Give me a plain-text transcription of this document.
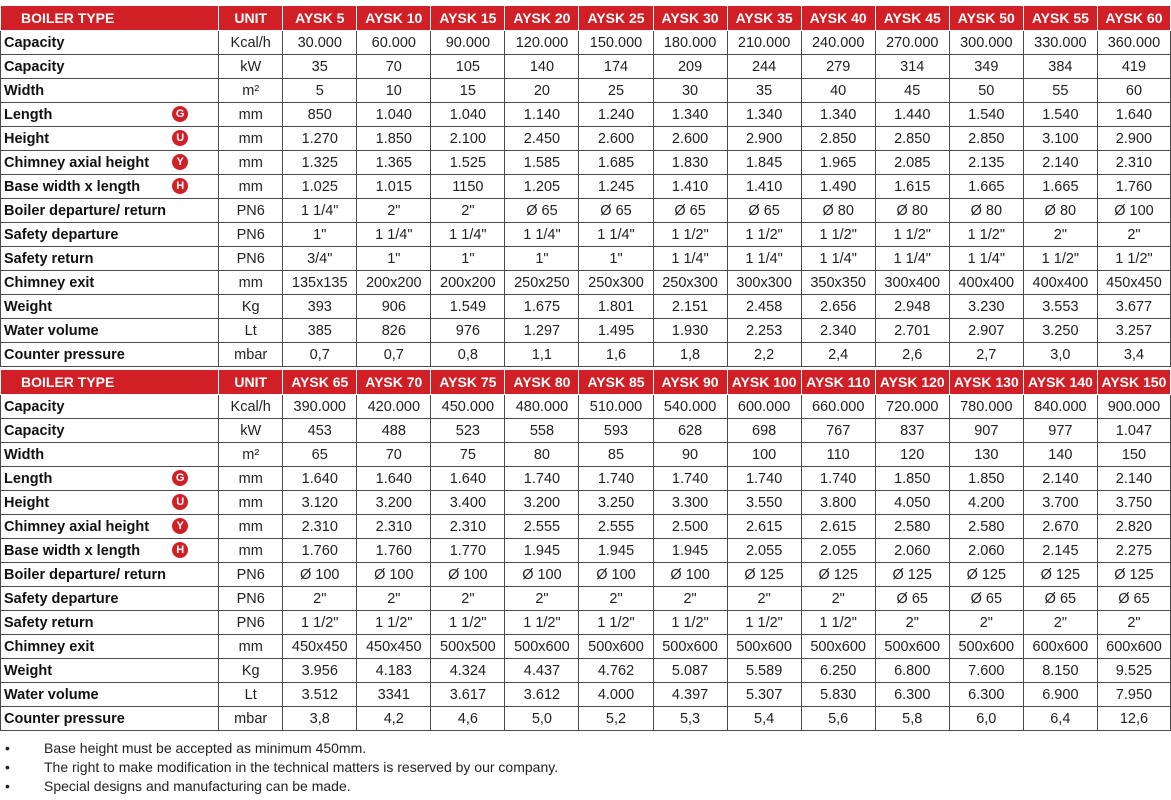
BOILER TYPE	UNIT	AYSK 5	AYSK 10	AYSK 15	AYSK 20	AYSK 25	AYSK 30	AYSK 35	AYSK 40	AYSK 45	AYSK 50	AYSK 55	AYSK 60
Capacity	Kcal/h	30.000	60.000	90.000	120.000	150.000	180.000	210.000	240.000	270.000	300.000	330.000	360.000
Capacity	kW	35	70	105	140	174	209	244	279	314	349	384	419
Width	m²	5	10	15	20	25	30	35	40	45	50	55	60
Length G	mm	850	1.040	1.040	1.140	1.240	1.340	1.340	1.340	1.440	1.540	1.540	1.640
Height U	mm	1.270	1.850	2.100	2.450	2.600	2.600	2.900	2.850	2.850	2.850	3.100	2.900
Chimney axial height Y	mm	1.325	1.365	1.525	1.585	1.685	1.830	1.845	1.965	2.085	2.135	2.140	2.310
Base width x length H	mm	1.025	1.015	1150	1.205	1.245	1.410	1.410	1.490	1.615	1.665	1.665	1.760
Boiler departure/ return	PN6	1 1/4"	2"	2"	Ø 65	Ø 65	Ø 65	Ø 65	Ø 80	Ø 80	Ø 80	Ø 80	Ø 100
Safety departure	PN6	1"	1 1/4"	1 1/4"	1 1/4"	1 1/4"	1 1/2"	1 1/2"	1 1/2"	1 1/2"	1 1/2"	2"	2"
Safety return	PN6	3/4"	1"	1"	1"	1"	1 1/4"	1 1/4"	1 1/4"	1 1/4"	1 1/4"	1 1/2"	1 1/2"
Chimney exit	mm	135x135	200x200	200x200	250x250	250x300	250x300	300x300	350x350	300x400	400x400	400x400	450x450
Weight	Kg	393	906	1.549	1.675	1.801	2.151	2.458	2.656	2.948	3.230	3.553	3.677
Water volume	Lt	385	826	976	1.297	1.495	1.930	2.253	2.340	2.701	2.907	3.250	3.257
Counter pressure	mbar	0,7	0,7	0,8	1,1	1,6	1,8	2,2	2,4	2,6	2,7	3,0	3,4
BOILER TYPE	UNIT	AYSK 65	AYSK 70	AYSK 75	AYSK 80	AYSK 85	AYSK 90	AYSK 100	AYSK 110	AYSK 120	AYSK 130	AYSK 140	AYSK 150
Capacity	Kcal/h	390.000	420.000	450.000	480.000	510.000	540.000	600.000	660.000	720.000	780.000	840.000	900.000
Capacity	kW	453	488	523	558	593	628	698	767	837	907	977	1.047
Width	m²	65	70	75	80	85	90	100	110	120	130	140	150
Length G	mm	1.640	1.640	1.640	1.740	1.740	1.740	1.740	1.740	1.850	1.850	2.140	2.140
Height U	mm	3.120	3.200	3.400	3.200	3.250	3.300	3.550	3.800	4.050	4.200	3.700	3.750
Chimney axial height Y	mm	2.310	2.310	2.310	2.555	2.555	2.500	2.615	2.615	2.580	2.580	2.670	2.820
Base width x length H	mm	1.760	1.760	1.770	1.945	1.945	1.945	2.055	2.055	2.060	2.060	2.145	2.275
Boiler departure/ return	PN6	Ø 100	Ø 100	Ø 100	Ø 100	Ø 100	Ø 100	Ø 125	Ø 125	Ø 125	Ø 125	Ø 125	Ø 125
Safety departure	PN6	2"	2"	2"	2"	2"	2"	2"	2"	Ø 65	Ø 65	Ø 65	Ø 65
Safety return	PN6	1 1/2"	1 1/2"	1 1/2"	1 1/2"	1 1/2"	1 1/2"	1 1/2"	1 1/2"	2"	2"	2"	2"
Chimney exit	mm	450x450	450x450	500x500	500x600	500x600	500x600	500x600	500x600	500x600	500x600	600x600	600x600
Weight	Kg	3.956	4.183	4.324	4.437	4.762	5.087	5.589	6.250	6.800	7.600	8.150	9.525
Water volume	Lt	3.512	3341	3.617	3.612	4.000	4.397	5.307	5.830	6.300	6.300	6.900	7.950
Counter pressure	mbar	3,8	4,2	4,6	5,0	5,2	5,3	5,4	5,6	5,8	6,0	6,4	12,6
• Base height must be accepted as minimum 450mm.
• The right to make modification in the technical matters is reserved by our company.
• Special designs and manufacturing can be made.
